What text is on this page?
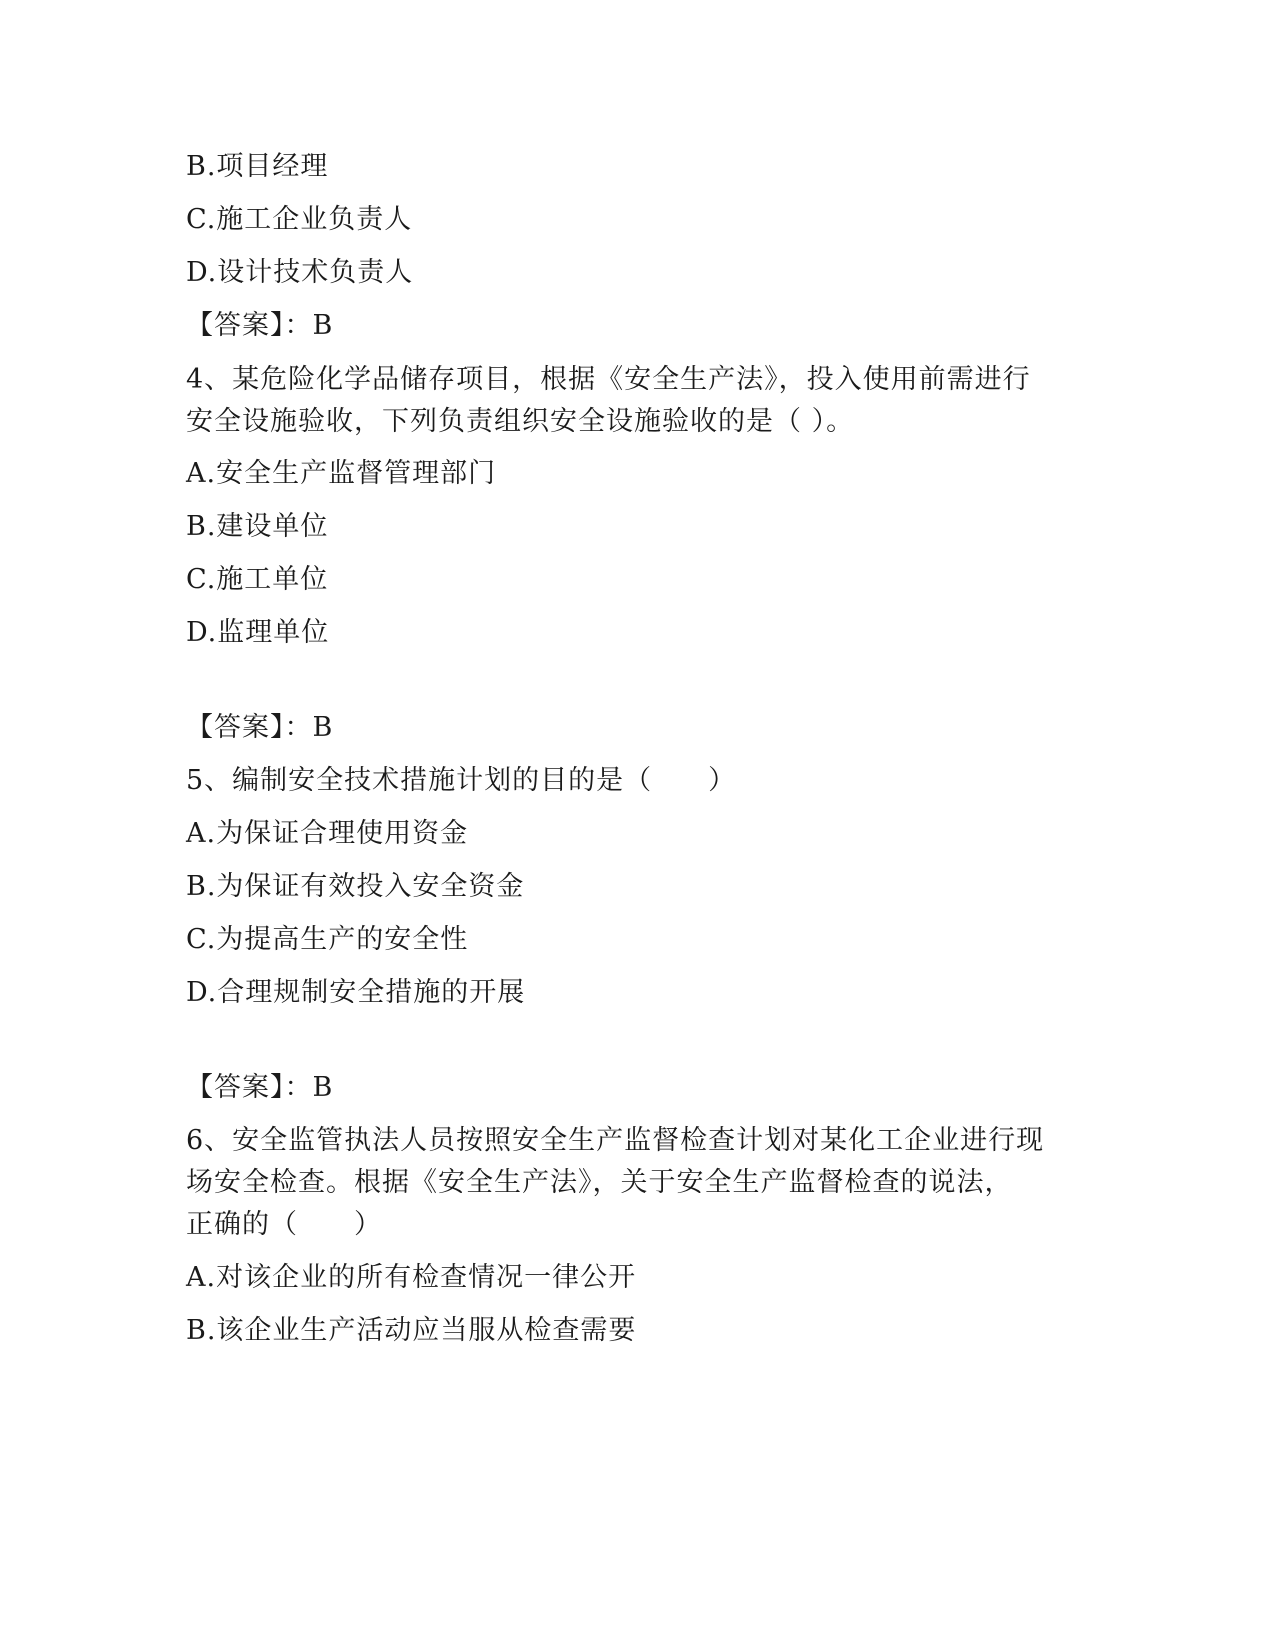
B.项目经理
C.施工企业负责人
D.设计技术负责人
【答案】：B
4、某危险化学品储存项目，根据《安全生产法》，投入使用前需进行
安全设施验收，下列负责组织安全设施验收的是（ ）。
A.安全生产监督管理部门
B.建设单位
C.施工单位
D.监理单位
【答案】：B
5、编制安全技术措施计划的目的是（　　）
A.为保证合理使用资金
B.为保证有效投入安全资金
C.为提高生产的安全性
D.合理规制安全措施的开展
【答案】：B
6、安全监管执法人员按照安全生产监督检查计划对某化工企业进行现
场安全检查。根据《安全生产法》，关于安全生产监督检查的说法，
正确的（　　）
A.对该企业的所有检查情况一律公开
B.该企业生产活动应当服从检查需要
